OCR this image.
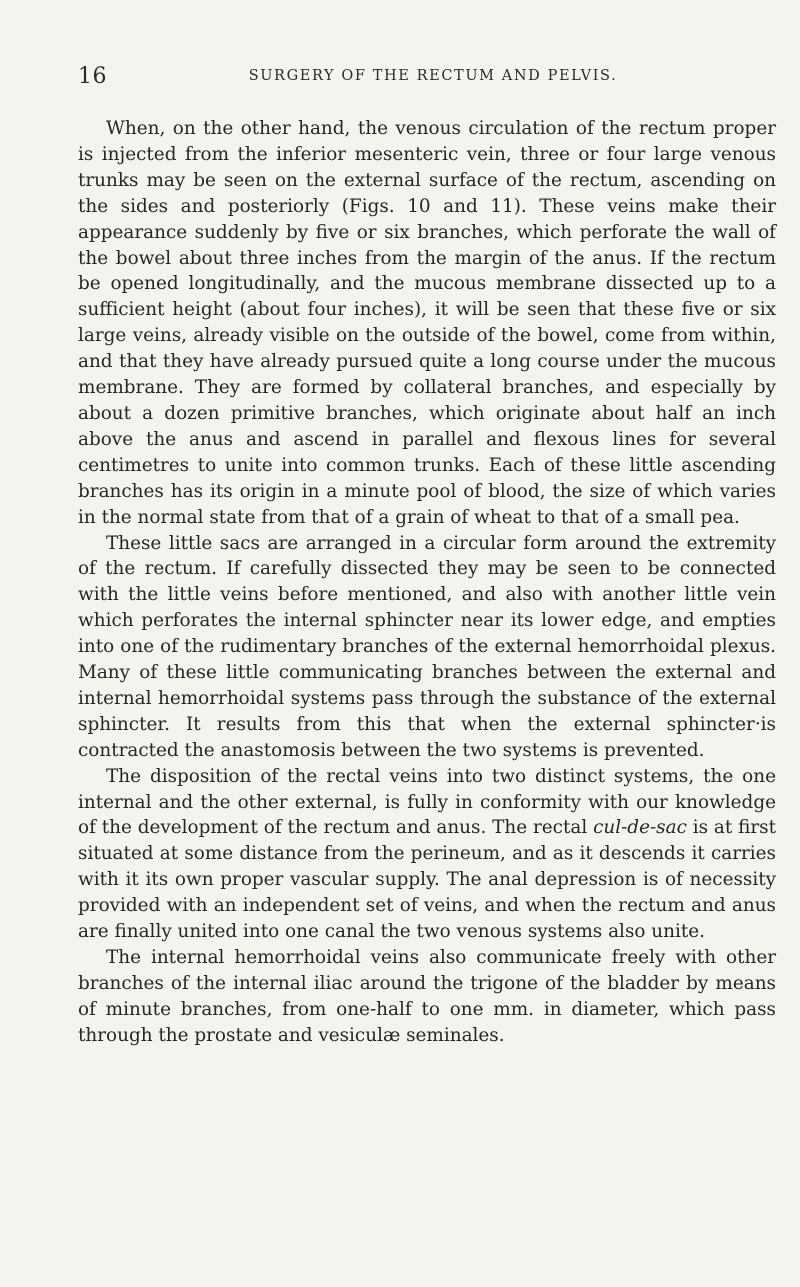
16	SURGERY OF THE RECTUM AND PELVIS.

When, on the other hand, the venous circulation of the rectum proper is injected from the inferior mesenteric vein, three or four large venous trunks may be seen on the external surface of the rectum, ascending on the sides and posteriorly (Figs. 10 and 11). These veins make their appearance suddenly by five or six branches, which perforate the wall of the bowel about three inches from the margin of the anus. If the rectum be opened longitudinally, and the mucous membrane dissected up to a sufficient height (about four inches), it will be seen that these five or six large veins, already visible on the outside of the bowel, come from within, and that they have already pursued quite a long course under the mucous membrane. They are formed by collateral branches, and especially by about a dozen primitive branches, which originate about half an inch above the anus and ascend in parallel and flexous lines for several centimetres to unite into common trunks. Each of these little ascending branches has its origin in a minute pool of blood, the size of which varies in the normal state from that of a grain of wheat to that of a small pea.

These little sacs are arranged in a circular form around the extremity of the rectum. If carefully dissected they may be seen to be connected with the little veins before mentioned, and also with another little vein which perforates the internal sphincter near its lower edge, and empties into one of the rudimentary branches of the external hemorrhoidal plexus. Many of these little communicating branches between the external and internal hemorrhoidal systems pass through the substance of the external sphincter. It results from this that when the external sphincter·is contracted the anastomosis between the two systems is prevented.

The disposition of the rectal veins into two distinct systems, the one internal and the other external, is fully in conformity with our knowledge of the development of the rectum and anus. The rectal cul-de-sac is at first situated at some distance from the perineum, and as it descends it carries with it its own proper vascular supply. The anal depression is of necessity provided with an independent set of veins, and when the rectum and anus are finally united into one canal the two venous systems also unite.

The internal hemorrhoidal veins also communicate freely with other branches of the internal iliac around the trigone of the bladder by means of minute branches, from one-half to one mm. in diameter, which pass through the prostate and vesiculæ seminales.
